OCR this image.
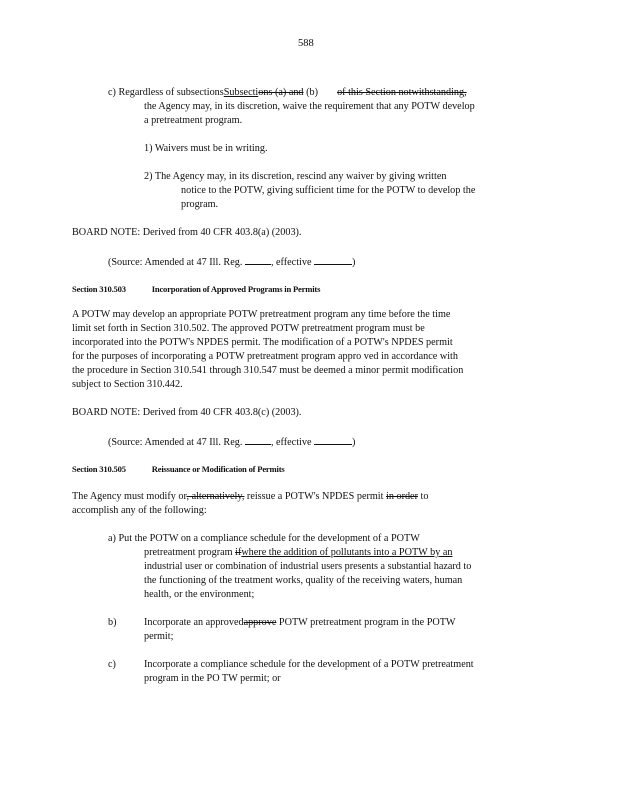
588
c) Regardless of subsectionsSubsections (a) and (b) of this Section notwithstanding,
the Agency may, in its discretion, waive the requirement that any POTW develop
a pretreatment program.
1) Waivers must be in writing.
2) The Agency may, in its discretion, rescind any waiver by giving written
notice to the POTW, giving sufficient time for the POTW to develop the
program.
BOARD NOTE: Derived from 40 CFR 403.8(a) (2003).
(Source: Amended at 47 Ill. Reg.	, effective	)
Section 310.503	Incorporation of Approved Programs in Permits
A POTW may develop an appropriate POTW pretreatment program any time before the time
limit set forth in Section 310.502. The approved POTW pretreatment program must be
incorporated into the POTW's NPDES permit. The modification of a POTW's NPDES permit
for the purposes of incorporating a POTW pretreatment program appro ved in accordance with
the procedure in Section 310.541 through 310.547 must be deemed a minor permit modification
subject to Section 310.442.
BOARD NOTE: Derived from 40 CFR 403.8(c) (2003).
(Source: Amended at 47 Ill. Reg.	, effective	)
Section 310.505	Reissuance or Modification of Permits
The Agency must modify or, alternatively, reissue a POTW's NPDES permit in order to
accomplish any of the following:
a) Put the POTW on a compliance schedule for the development of a POTW
pretreatment program ifwhere the addition of pollutants into a POTW by an
industrial user or combination of industrial users presents a substantial hazard to
the functioning of the treatment works, quality of the receiving waters, human
health, or the environment;
b)	Incorporate an approvedapprove POTW pretreatment program in the POTW
permit;
c)	Incorporate a compliance schedule for the development of a POTW pretreatment
program in the PO TW permit; or
